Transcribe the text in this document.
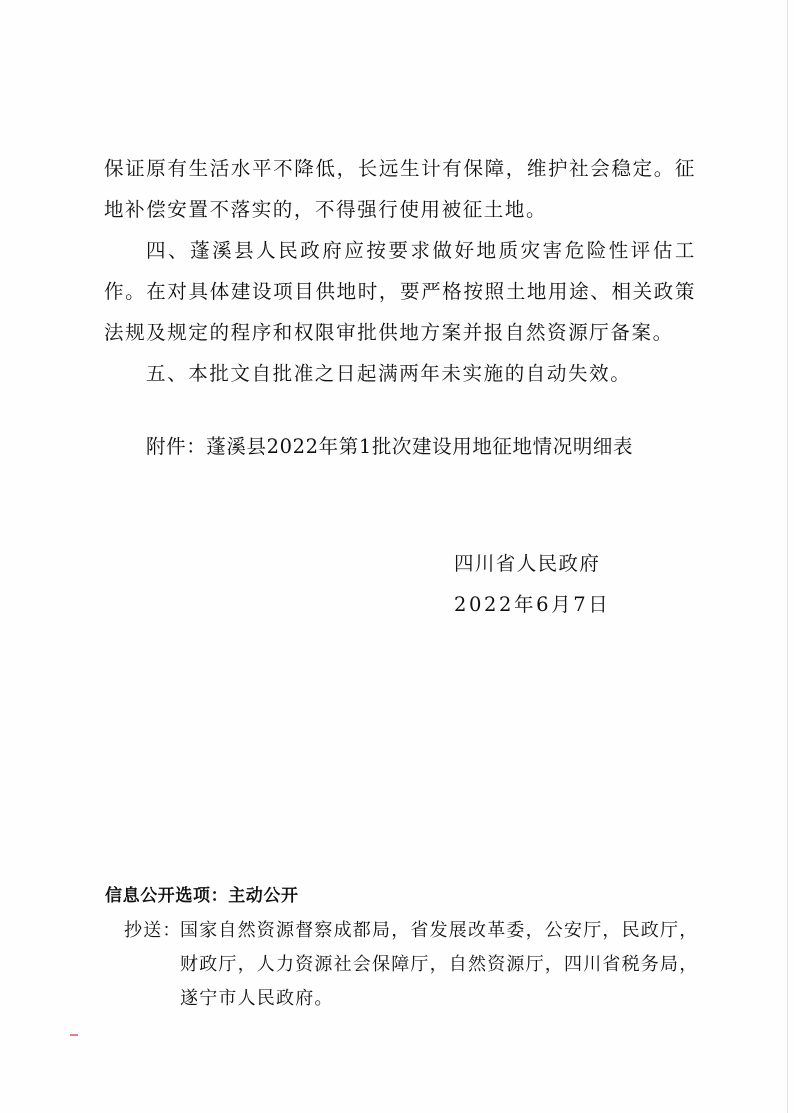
保证原有生活水平不降低，长远生计有保障，维护社会稳定。征地补偿安置不落实的，不得强行使用被征土地。

四、蓬溪县人民政府应按要求做好地质灾害危险性评估工作。在对具体建设项目供地时，要严格按照土地用途、相关政策法规及规定的程序和权限审批供地方案并报自然资源厅备案。

五、本批文自批准之日起满两年未实施的自动失效。

附件：蓬溪县2022年第1批次建设用地征地情况明细表
四川省人民政府
2022年6月7日
信息公开选项：主动公开
抄送：
国家自然资源督察成都局，省发展改革委，公安厅，民政厅，财政厅，人力资源社会保障厅，自然资源厅，四川省税务局，遂宁市人民政府。
